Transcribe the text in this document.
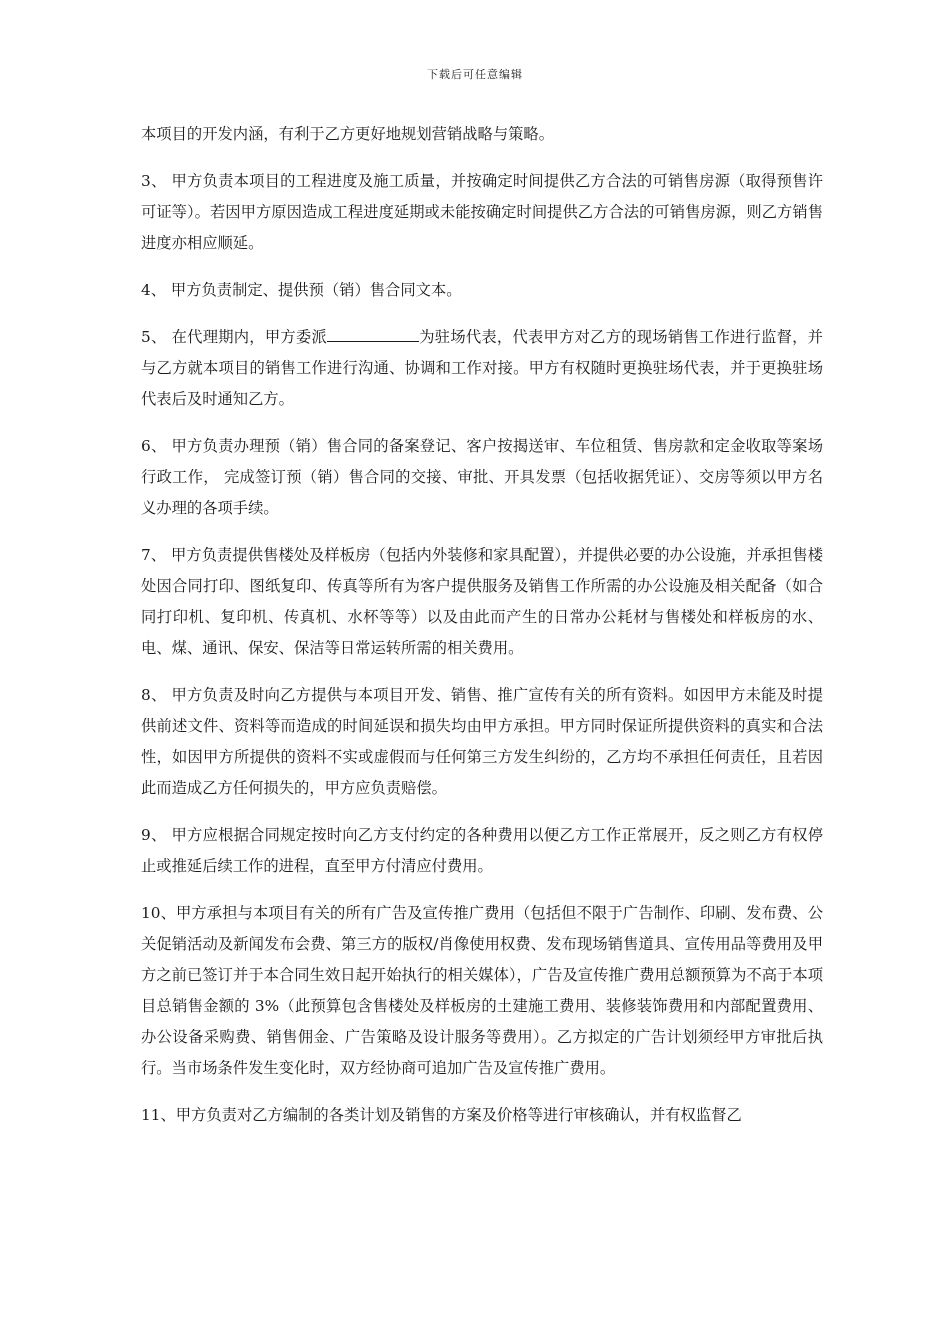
下载后可任意编辑

本项目的开发内涵，有利于乙方更好地规划营销战略与策略。

3、 甲方负责本项目的工程进度及施工质量，并按确定时间提供乙方合法的可销售房源（取得预售许可证等）。若因甲方原因造成工程进度延期或未能按确定时间提供乙方合法的可销售房源，则乙方销售进度亦相应顺延。

4、 甲方负责制定、提供预（销）售合同文本。

5、 在代理期内，甲方委派	为驻场代表，代表甲方对乙方的现场销售工作进行监督，并与乙方就本项目的销售工作进行沟通、协调和工作对接。甲方有权随时更换驻场代表，并于更换驻场代表后及时通知乙方。

6、 甲方负责办理预（销）售合同的备案登记、客户按揭送审、车位租赁、售房款和定金收取等案场行政工作， 完成签订预（销）售合同的交接、审批、开具发票（包括收据凭证）、交房等须以甲方名义办理的各项手续。

7、 甲方负责提供售楼处及样板房（包括内外装修和家具配置），并提供必要的办公设施，并承担售楼处因合同打印、图纸复印、传真等所有为客户提供服务及销售工作所需的办公设施及相关配备（如合同打印机、复印机、传真机、水杯等等）以及由此而产生的日常办公耗材与售楼处和样板房的水、电、煤、通讯、保安、保洁等日常运转所需的相关费用。

8、 甲方负责及时向乙方提供与本项目开发、销售、推广宣传有关的所有资料。如因甲方未能及时提供前述文件、资料等而造成的时间延误和损失均由甲方承担。甲方同时保证所提供资料的真实和合法性，如因甲方所提供的资料不实或虚假而与任何第三方发生纠纷的，乙方均不承担任何责任，且若因此而造成乙方任何损失的，甲方应负责赔偿。

9、 甲方应根据合同规定按时向乙方支付约定的各种费用以便乙方工作正常展开，反之则乙方有权停止或推延后续工作的进程，直至甲方付清应付费用。

10、甲方承担与本项目有关的所有广告及宣传推广费用（包括但不限于广告制作、印刷、发布费、公关促销活动及新闻发布会费、第三方的版权/肖像使用权费、发布现场销售道具、宣传用品等费用及甲方之前已签订并于本合同生效日起开始执行的相关媒体），广告及宣传推广费用总额预算为不高于本项目总销售金额的 3%（此预算包含售楼处及样板房的土建施工费用、装修装饰费用和内部配置费用、办公设备采购费、销售佣金、广告策略及设计服务等费用）。乙方拟定的广告计划须经甲方审批后执行。当市场条件发生变化时，双方经协商可追加广告及宣传推广费用。

11、甲方负责对乙方编制的各类计划及销售的方案及价格等进行审核确认，并有权监督乙
